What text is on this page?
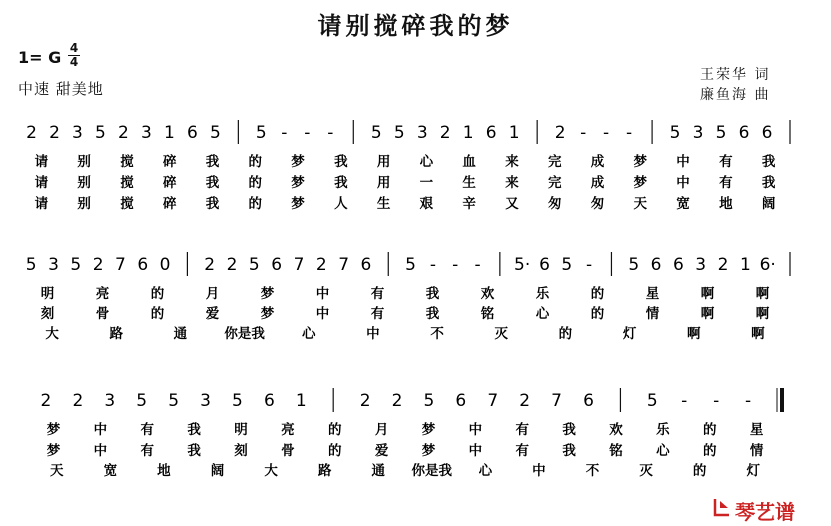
请别搅碎我的梦
1= G 4
4
中速 甜美地
王荣华 词
廉鱼海 曲
2 2 3 5 2 3 1 6 5 5 - - - 5 5 3 2 1 6 1 2 - - - 5 3 5 6 6
请 别 搅 碎 我 的 梦 我 用 心 血 来 完 成 梦 中 有 我
请 别 搅 碎 我 的 梦 我 用 一 生 来 完 成 梦 中 有 我
请 别 搅 碎 我 的 梦 人 生 艰 辛 又 匆 匆 天 宽 地 阔
5 3 5 2 7 6 0 2 2 5 6 7 2 7 6 5 - - - 5· 6 5 - 5 6 6 3 2 1 6·
明	亮	的	月	梦	中	有	我	欢	乐	的	星	啊	啊
刻	骨	的	爱	梦	中	有	我	铭	心	的	情	啊	啊
大	路	通	你是我	心	中	不	灭	的	灯	啊	啊
2 2 3 5 5 3 5 6 1	2 2 5 6 7 2 7 6	5 - - -
梦 中 有 我 明 亮 的 月 梦 中 有 我 欢 乐 的 星
梦 中 有 我 刻 骨 的 爱 梦 中 有 我 铭 心 的 情
天	宽	地	阔	大	路	通 你是我 心	中	不	灭	的	灯
琴艺谱
